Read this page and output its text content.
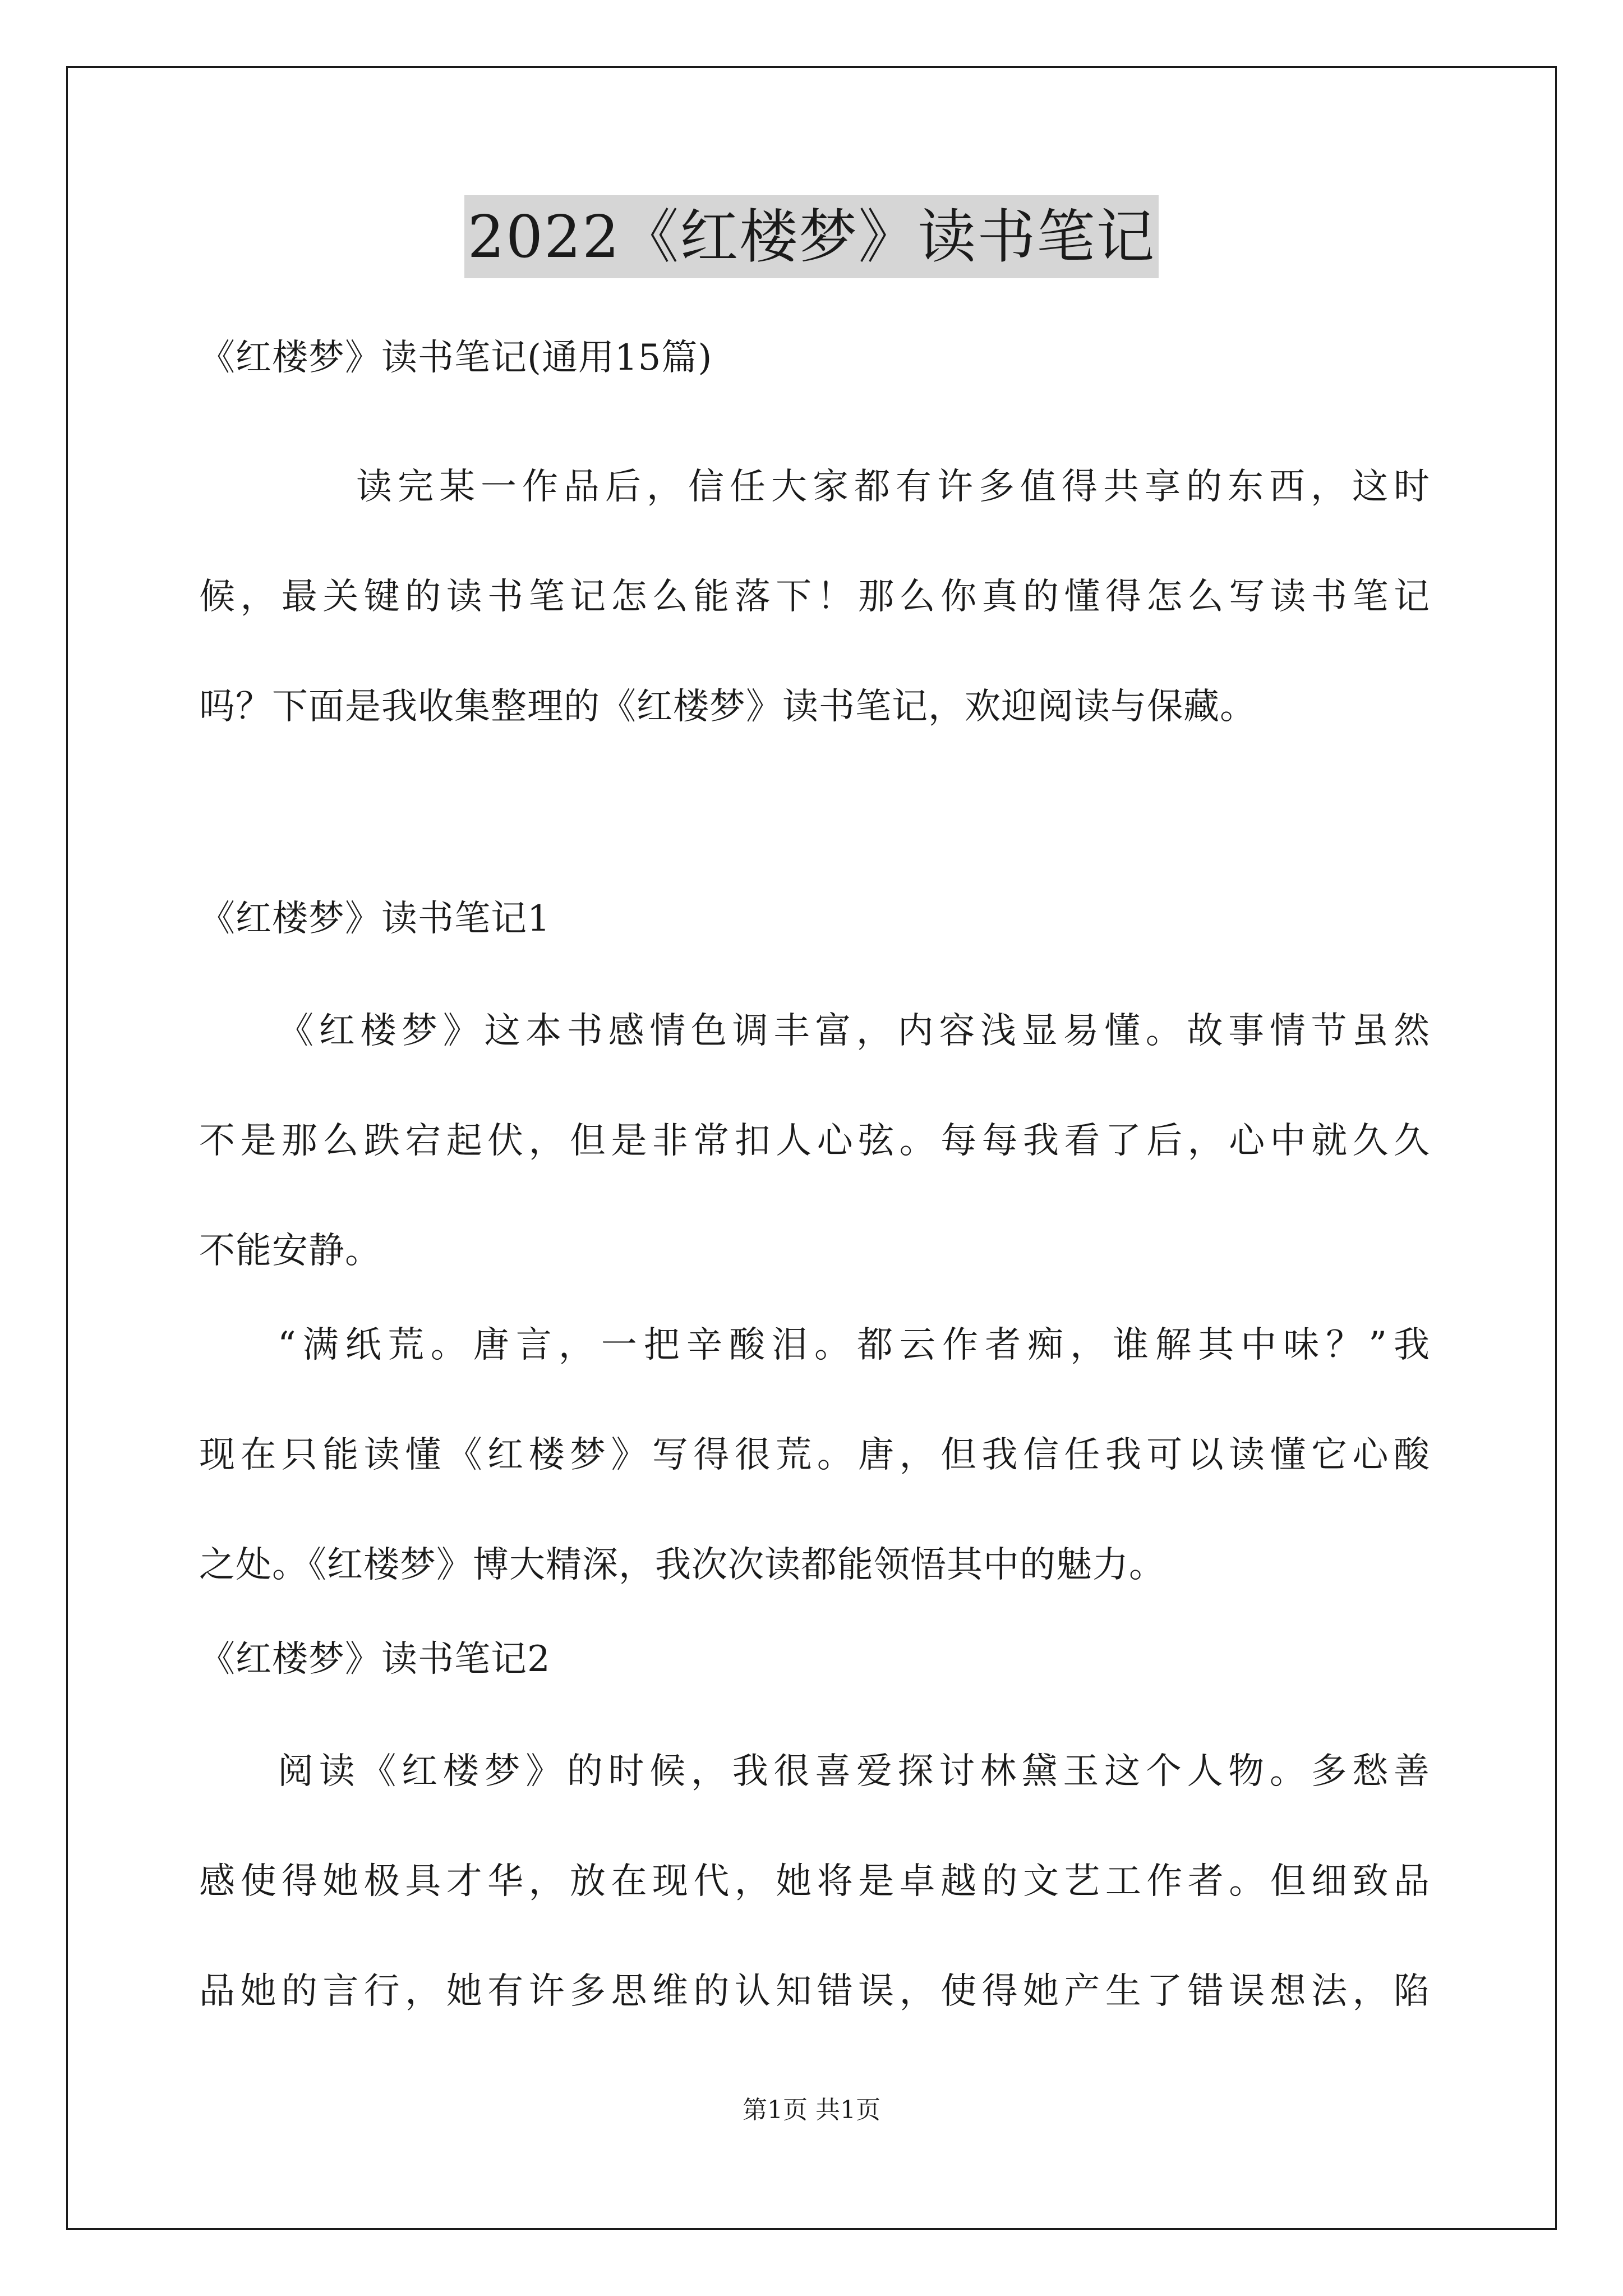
2022《红楼梦》读书笔记
《红楼梦》读书笔记(通用15篇)
读完某一作品后，信任大家都有许多值得共享的东西，这时
候，最关键的读书笔记怎么能落下！那么你真的懂得怎么写读书笔记
吗？下面是我收集整理的《红楼梦》读书笔记，欢迎阅读与保藏。
《红楼梦》读书笔记1
《红楼梦》这本书感情色调丰富，内容浅显易懂。故事情节虽然
不是那么跌宕起伏，但是非常扣人心弦。每每我看了后，心中就久久
不能安静。
“满纸荒。唐言，一把辛酸泪。都云作者痴，谁解其中味？”我
现在只能读懂《红楼梦》写得很荒。唐，但我信任我可以读懂它心酸
之处。《红楼梦》博大精深，我次次读都能领悟其中的魅力。
《红楼梦》读书笔记2
阅读《红楼梦》的时候，我很喜爱探讨林黛玉这个人物。多愁善
感使得她极具才华，放在现代，她将是卓越的文艺工作者。但细致品
品她的言行，她有许多思维的认知错误，使得她产生了错误想法，陷
第1页 共1页
